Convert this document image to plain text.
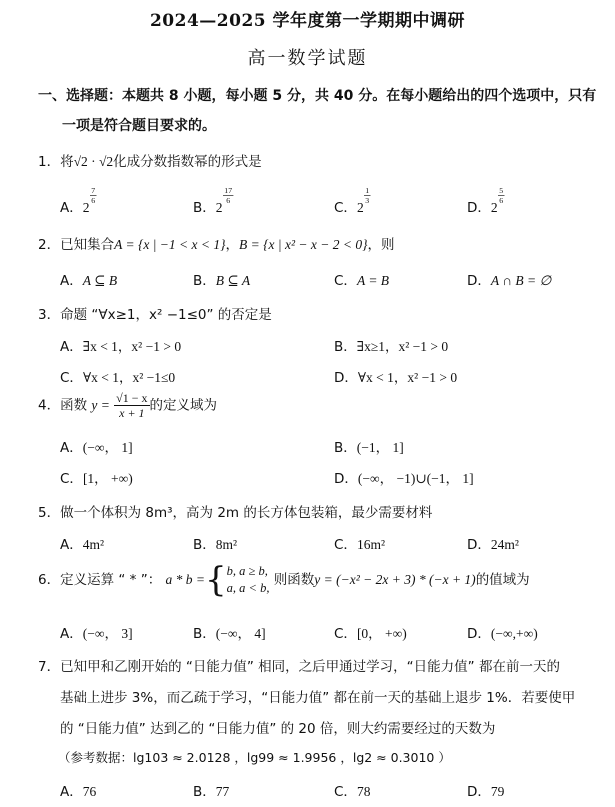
2024—2025 学年度第一学期期中调研
高一数学试题
一、选择题：本题共 8 小题，每小题 5 分，共 40 分。在每小题给出的四个选项中，只有
一项是符合题目要求的。
1．将√2 · √2化成分数指数幂的形式是
A．2
$\frac{7}{6}$
B．2
$\frac{17}{6}$
C．2
$\frac{1}{3}$
D．2
$\frac{5}{6}$
2．已知集合A = {x | −1 < x < 1}，B = {x | x² − x − 2 < 0}，则
A．A ⊆ B	B．B ⊆ A	C．A = B	D．A ∩ B = ∅
3．命题 “∀x≥1，x² −1≤0” 的否定是
A．∃x < 1，x² −1 > 0	B．∃x≥1，x² −1 > 0
C．∀x < 1，x² −1≤0	D．∀x < 1，x² −1 > 0
4．函数 $y = \frac{√1 - x}{x + 1}$ 的定义域为
A．(−∞， 1]	B．(−1， 1]
C．[1， +∞)	D．(−∞， −1)∪(−1， 1]
5．做一个体积为 8m³，高为 2m 的长方体包装箱，最少需要材料
A．4m²	B．8m²	C．16m²	D．24m²
6．定义运算 “ * ”： a * b ={ b, a ≥ b,
a, a < b, 则函数y = (−x² − 2x + 3) * (−x + 1)的值域为
A．(−∞， 3]	B．(−∞， 4]	C．[0， +∞)	D．(−∞,+∞)
7．已知甲和乙刚开始的 “日能力值” 相同，之后甲通过学习，“日能力值” 都在前一天的
基础上进步 3%，而乙疏于学习，“日能力值” 都在前一天的基础上退步 1%．若要使甲
的 “日能力值” 达到乙的 “日能力值” 的 20 倍，则大约需要经过的天数为
（参考数据：lg103 ≈ 2.0128 ，lg99 ≈ 1.9956 ，lg2 ≈ 0.3010 ）
A．76	B．77	C．78	D．79
